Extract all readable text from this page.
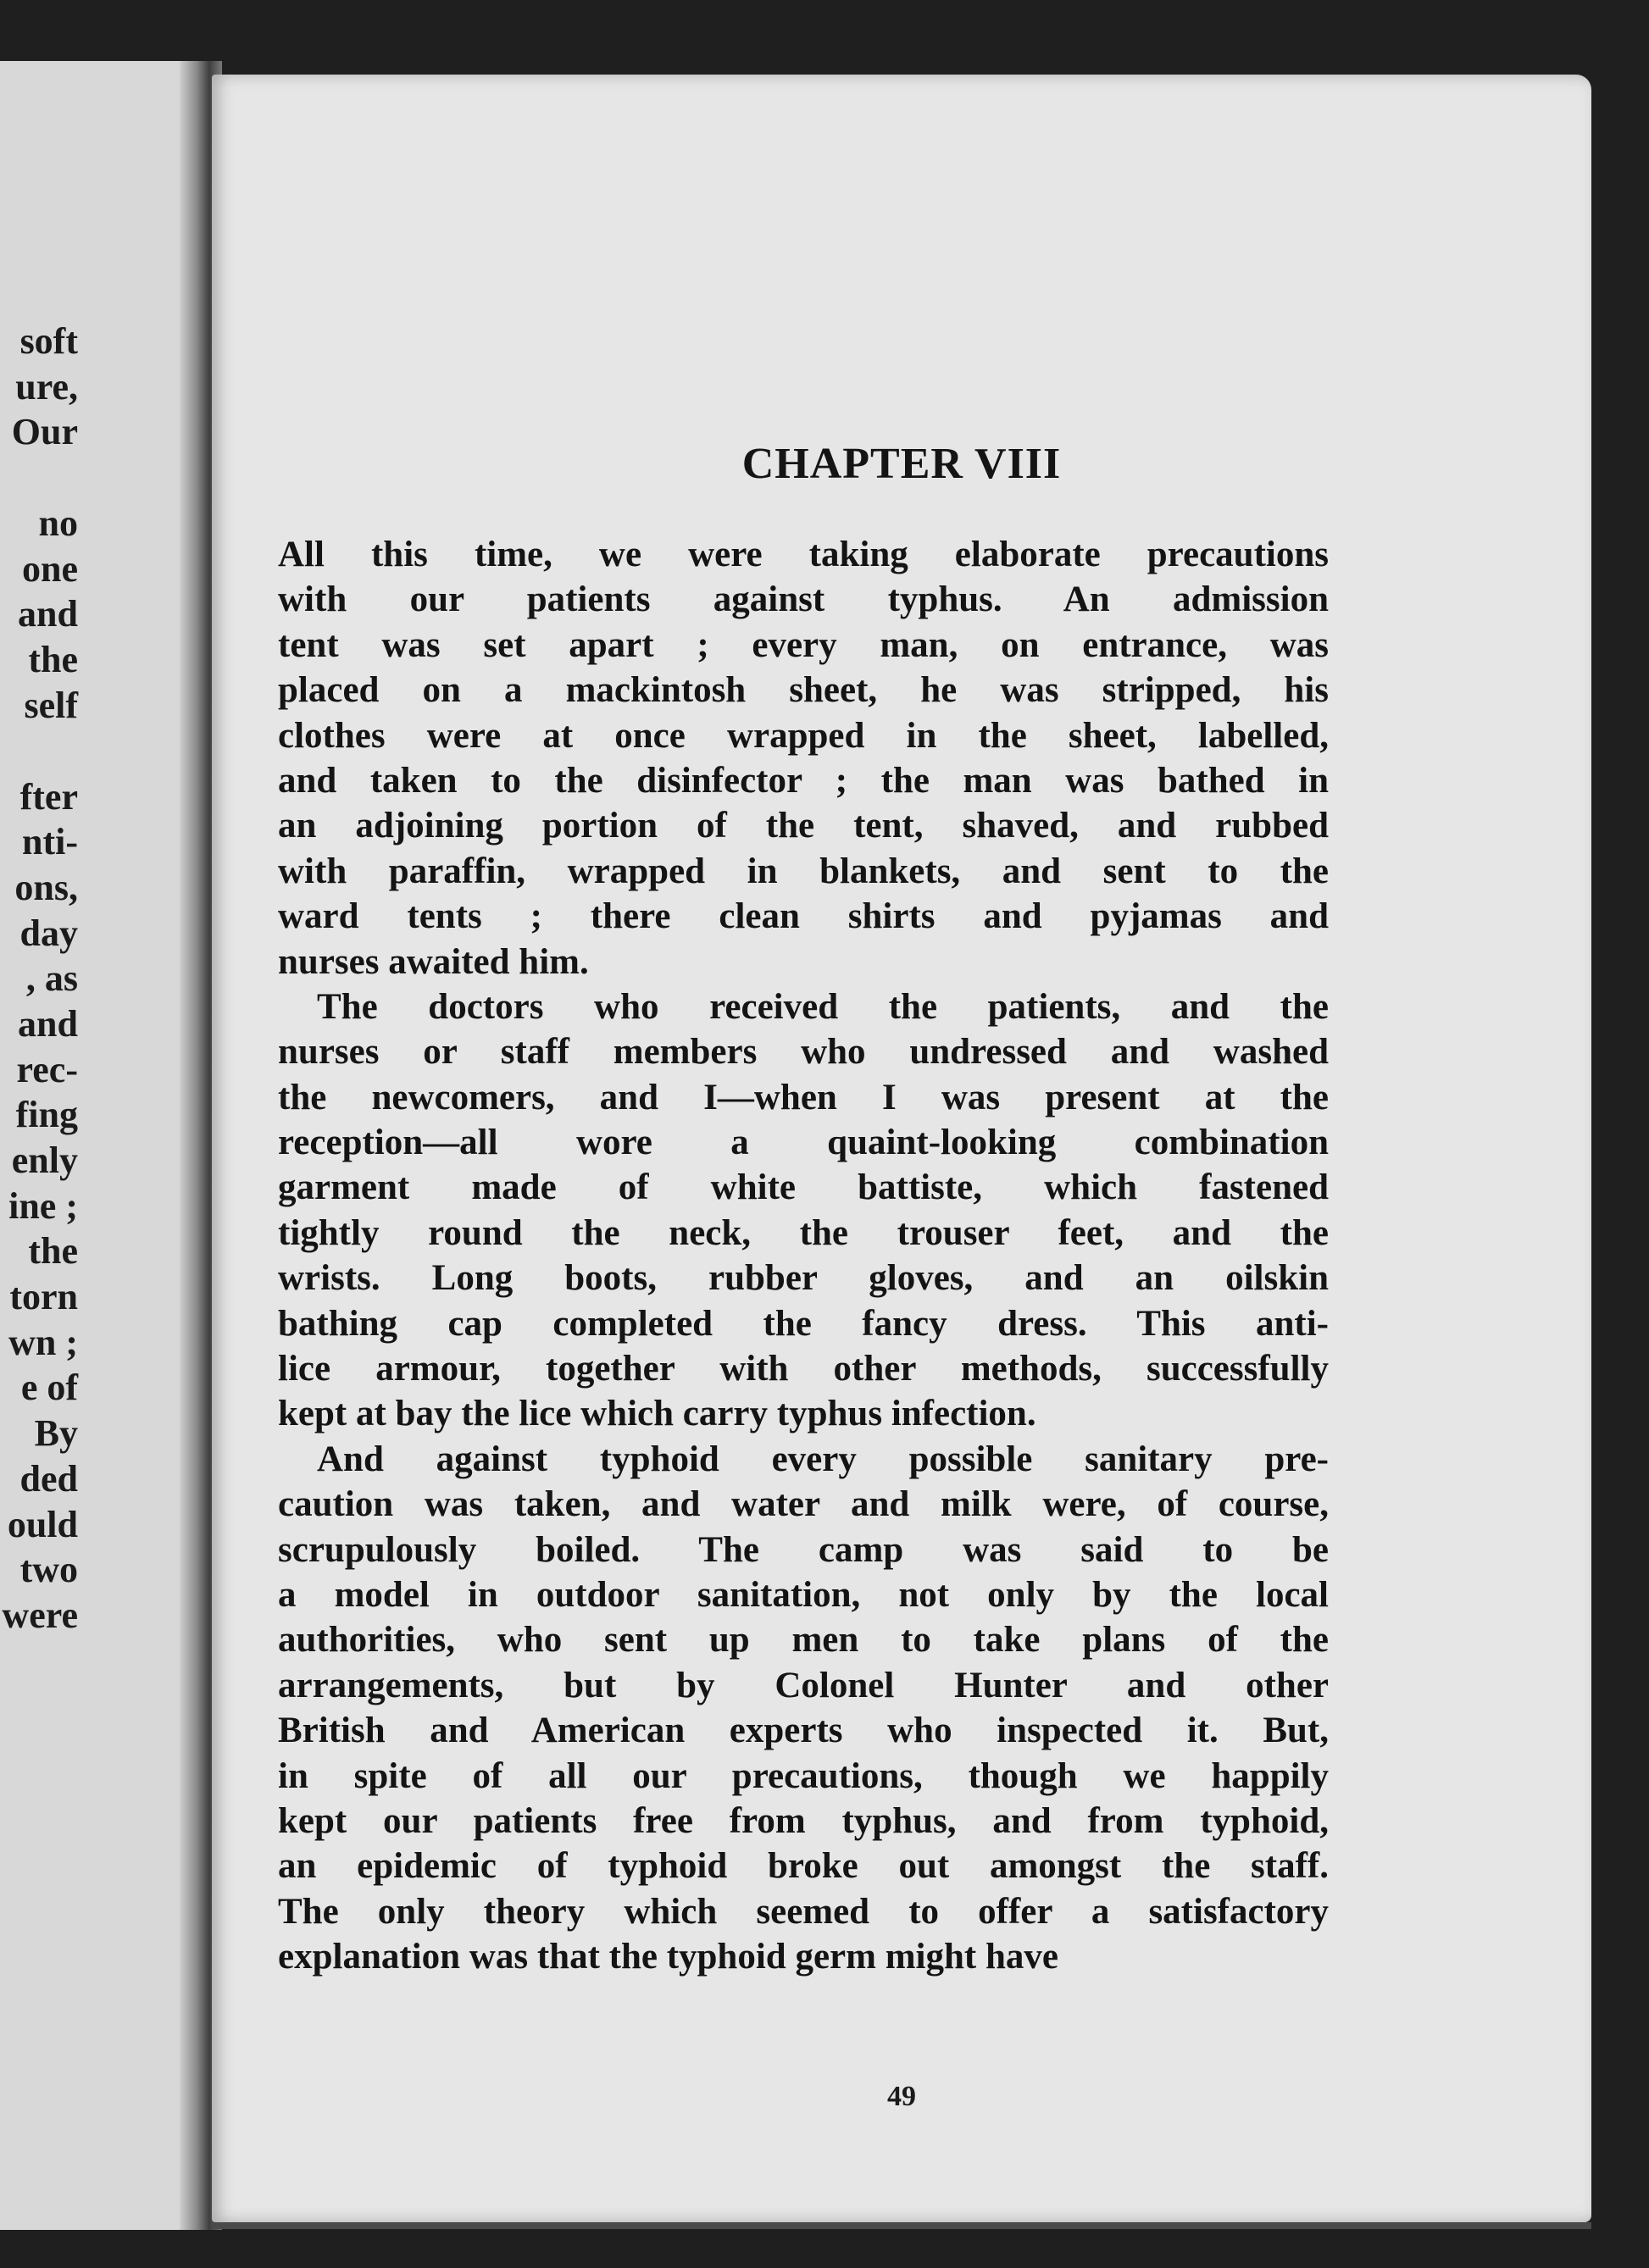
soft
ure,
Our
no
one
and
the
self
fter
nti-
ons,
day
, as
and
rec-
fing
enly
ine ;
the
torn
wn ;
e of
By
ded
ould
two
were
CHAPTER VIII
All this time, we were taking elaborate precautions
with our patients against typhus. An admission
tent was set apart ; every man, on entrance, was
placed on a mackintosh sheet, he was stripped, his
clothes were at once wrapped in the sheet, labelled,
and taken to the disinfector ; the man was bathed in
an adjoining portion of the tent, shaved, and rubbed
with paraffin, wrapped in blankets, and sent to the
ward tents ; there clean shirts and pyjamas and
nurses awaited him.
The doctors who received the patients, and the
nurses or staff members who undressed and washed
the newcomers, and I—when I was present at the
reception—all wore a quaint-looking combination
garment made of white battiste, which fastened
tightly round the neck, the trouser feet, and the
wrists. Long boots, rubber gloves, and an oilskin
bathing cap completed the fancy dress. This anti-
lice armour, together with other methods, successfully
kept at bay the lice which carry typhus infection.
And against typhoid every possible sanitary pre-
caution was taken, and water and milk were, of course,
scrupulously boiled. The camp was said to be
a model in outdoor sanitation, not only by the local
authorities, who sent up men to take plans of the
arrangements, but by Colonel Hunter and other
British and American experts who inspected it. But,
in spite of all our precautions, though we happily
kept our patients free from typhus, and from typhoid,
an epidemic of typhoid broke out amongst the staff.
The only theory which seemed to offer a satisfactory
explanation was that the typhoid germ might have
49
